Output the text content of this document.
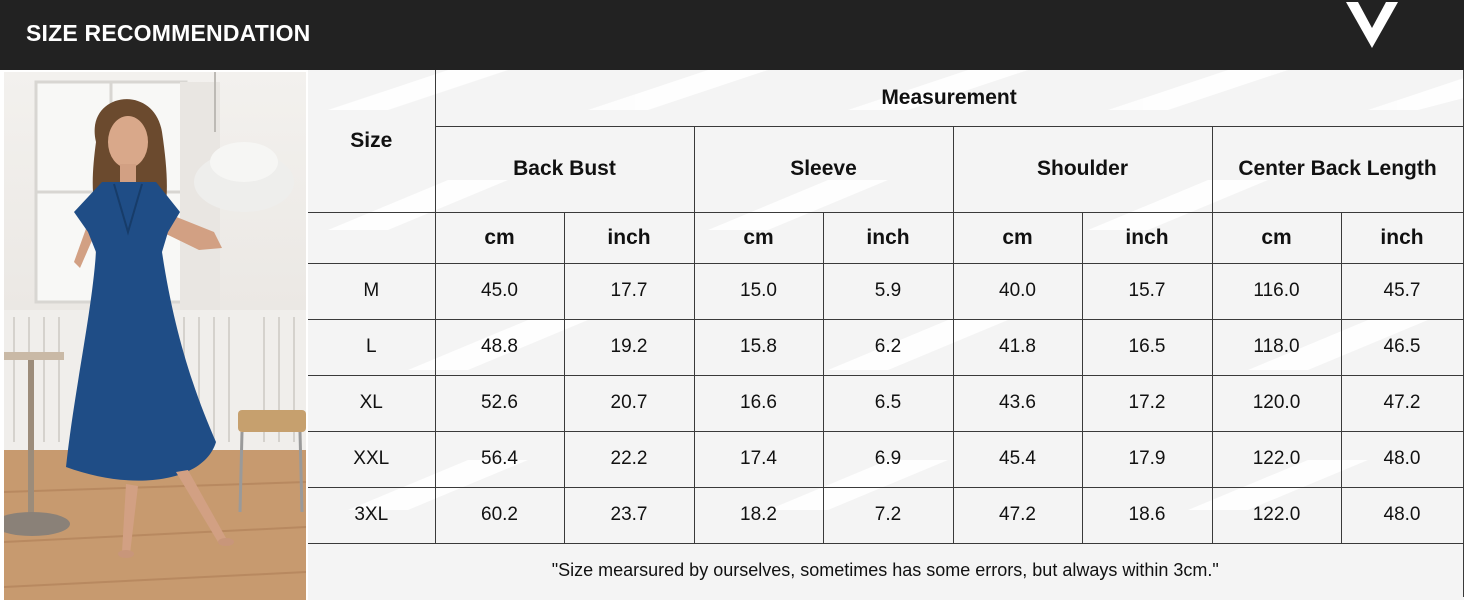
SIZE RECOMMENDATION
Size	Measurement							
	Back Bust		Sleeve		Shoulder		Center Back Length	
	cm	inch	cm	inch	cm	inch	cm	inch
M	45.0	17.7	15.0	5.9	40.0	15.7	116.0	45.7
L	48.8	19.2	15.8	6.2	41.8	16.5	118.0	46.5
XL	52.6	20.7	16.6	6.5	43.6	17.2	120.0	47.2
XXL	56.4	22.2	17.4	6.9	45.4	17.9	122.0	48.0
3XL	60.2	23.7	18.2	7.2	47.2	18.6	122.0	48.0
"Size mearsured by ourselves, sometimes has some errors, but always within 3cm."								
